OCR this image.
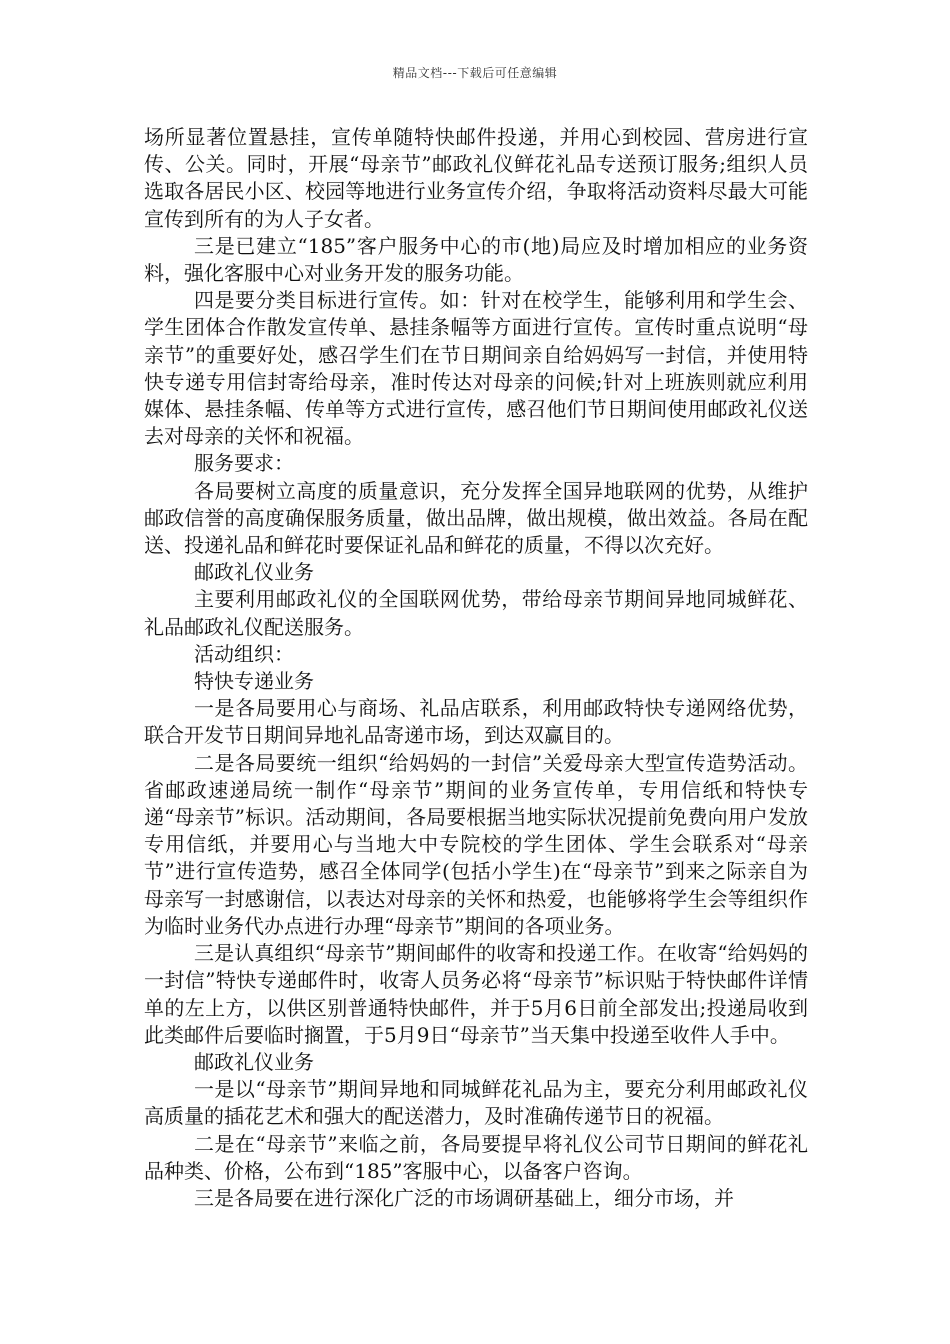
精品文档---下载后可任意编辑

场所显著位置悬挂，宣传单随特快邮件投递，并用心到校园、营房进行宣传、公关。同时，开展“母亲节”邮政礼仪鲜花礼品专送预订服务;组织人员选取各居民小区、校园等地进行业务宣传介绍，争取将活动资料尽最大可能宣传到所有的为人子女者。

三是已建立“185”客户服务中心的市(地)局应及时增加相应的业务资料，强化客服中心对业务开发的服务功能。

四是要分类目标进行宣传。如：针对在校学生，能够利用和学生会、学生团体合作散发宣传单、悬挂条幅等方面进行宣传。宣传时重点说明“母亲节”的重要好处，感召学生们在节日期间亲自给妈妈写一封信，并使用特快专递专用信封寄给母亲，准时传达对母亲的问候;针对上班族则就应利用媒体、悬挂条幅、传单等方式进行宣传，感召他们节日期间使用邮政礼仪送去对母亲的关怀和祝福。

服务要求：

各局要树立高度的质量意识，充分发挥全国异地联网的优势，从维护邮政信誉的高度确保服务质量，做出品牌，做出规模，做出效益。各局在配送、投递礼品和鲜花时要保证礼品和鲜花的质量，不得以次充好。

邮政礼仪业务

主要利用邮政礼仪的全国联网优势，带给母亲节期间异地同城鲜花、礼品邮政礼仪配送服务。

活动组织：

特快专递业务

一是各局要用心与商场、礼品店联系，利用邮政特快专递网络优势，联合开发节日期间异地礼品寄递市场，到达双赢目的。

二是各局要统一组织“给妈妈的一封信”关爱母亲大型宣传造势活动。省邮政速递局统一制作“母亲节”期间的业务宣传单，专用信纸和特快专递“母亲节”标识。活动期间，各局要根据当地实际状况提前免费向用户发放专用信纸，并要用心与当地大中专院校的学生团体、学生会联系对“母亲节”进行宣传造势，感召全体同学(包括小学生)在“母亲节”到来之际亲自为母亲写一封感谢信，以表达对母亲的关怀和热爱，也能够将学生会等组织作为临时业务代办点进行办理“母亲节”期间的各项业务。

三是认真组织“母亲节”期间邮件的收寄和投递工作。在收寄“给妈妈的一封信”特快专递邮件时，收寄人员务必将“母亲节”标识贴于特快邮件详情单的左上方，以供区别普通特快邮件，并于5月6日前全部发出;投递局收到此类邮件后要临时搁置，于5月9日“母亲节”当天集中投递至收件人手中。

邮政礼仪业务

一是以“母亲节”期间异地和同城鲜花礼品为主，要充分利用邮政礼仪高质量的插花艺术和强大的配送潜力，及时准确传递节日的祝福。

二是在“母亲节”来临之前，各局要提早将礼仪公司节日期间的鲜花礼品种类、价格，公布到“185”客服中心，以备客户咨询。

三是各局要在进行深化广泛的市场调研基础上，细分市场，并
